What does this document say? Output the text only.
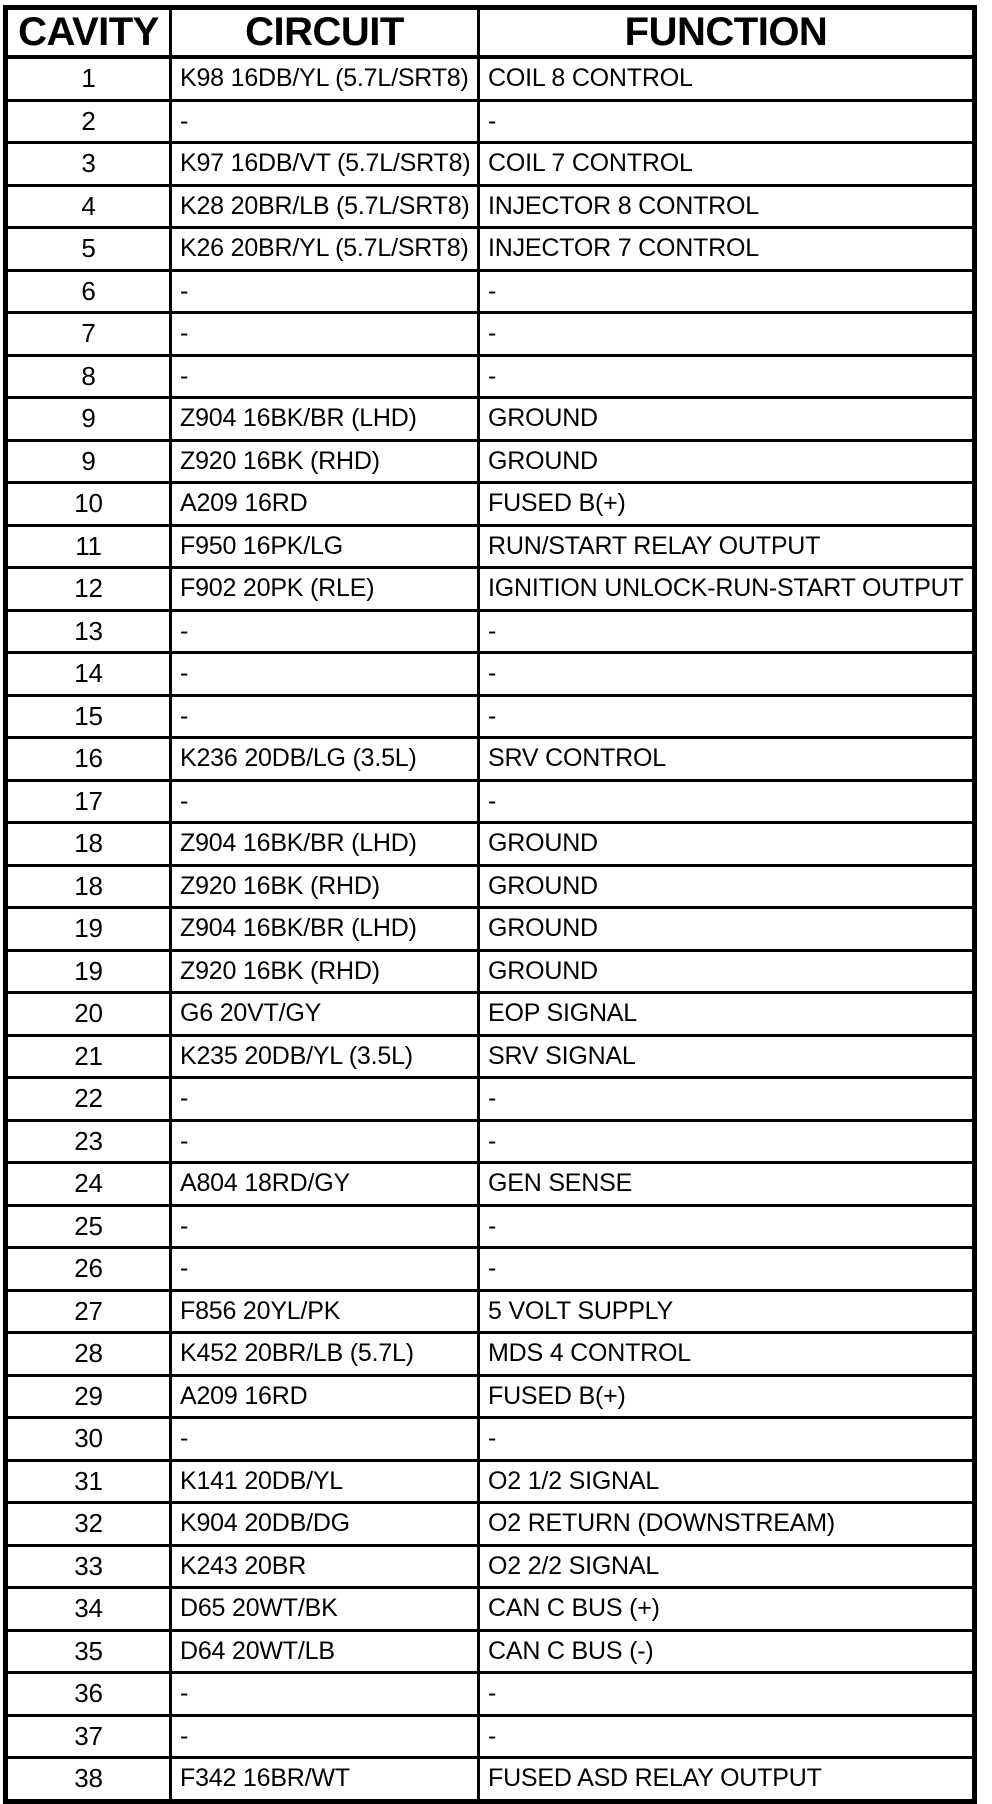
CAVITY	CIRCUIT	FUNCTION
1	K98 16DB/YL (5.7L/SRT8)	COIL 8 CONTROL
2	-	-
3	K97 16DB/VT (5.7L/SRT8)	COIL 7 CONTROL
4	K28 20BR/LB (5.7L/SRT8)	INJECTOR 8 CONTROL
5	K26 20BR/YL (5.7L/SRT8)	INJECTOR 7 CONTROL
6	-	-
7	-	-
8	-	-
9	Z904 16BK/BR (LHD)	GROUND
9	Z920 16BK (RHD)	GROUND
10	A209 16RD	FUSED B(+)
11	F950 16PK/LG	RUN/START RELAY OUTPUT
12	F902 20PK (RLE)	IGNITION UNLOCK-RUN-START OUTPUT
13	-	-
14	-	-
15	-	-
16	K236 20DB/LG (3.5L)	SRV CONTROL
17	-	-
18	Z904 16BK/BR (LHD)	GROUND
18	Z920 16BK (RHD)	GROUND
19	Z904 16BK/BR (LHD)	GROUND
19	Z920 16BK (RHD)	GROUND
20	G6 20VT/GY	EOP SIGNAL
21	K235 20DB/YL (3.5L)	SRV SIGNAL
22	-	-
23	-	-
24	A804 18RD/GY	GEN SENSE
25	-	-
26	-	-
27	F856 20YL/PK	5 VOLT SUPPLY
28	K452 20BR/LB (5.7L)	MDS 4 CONTROL
29	A209 16RD	FUSED B(+)
30	-	-
31	K141 20DB/YL	O2 1/2 SIGNAL
32	K904 20DB/DG	O2 RETURN (DOWNSTREAM)
33	K243 20BR	O2 2/2 SIGNAL
34	D65 20WT/BK	CAN C BUS (+)
35	D64 20WT/LB	CAN C BUS (-)
36	-	-
37	-	-
38	F342 16BR/WT	FUSED ASD RELAY OUTPUT
